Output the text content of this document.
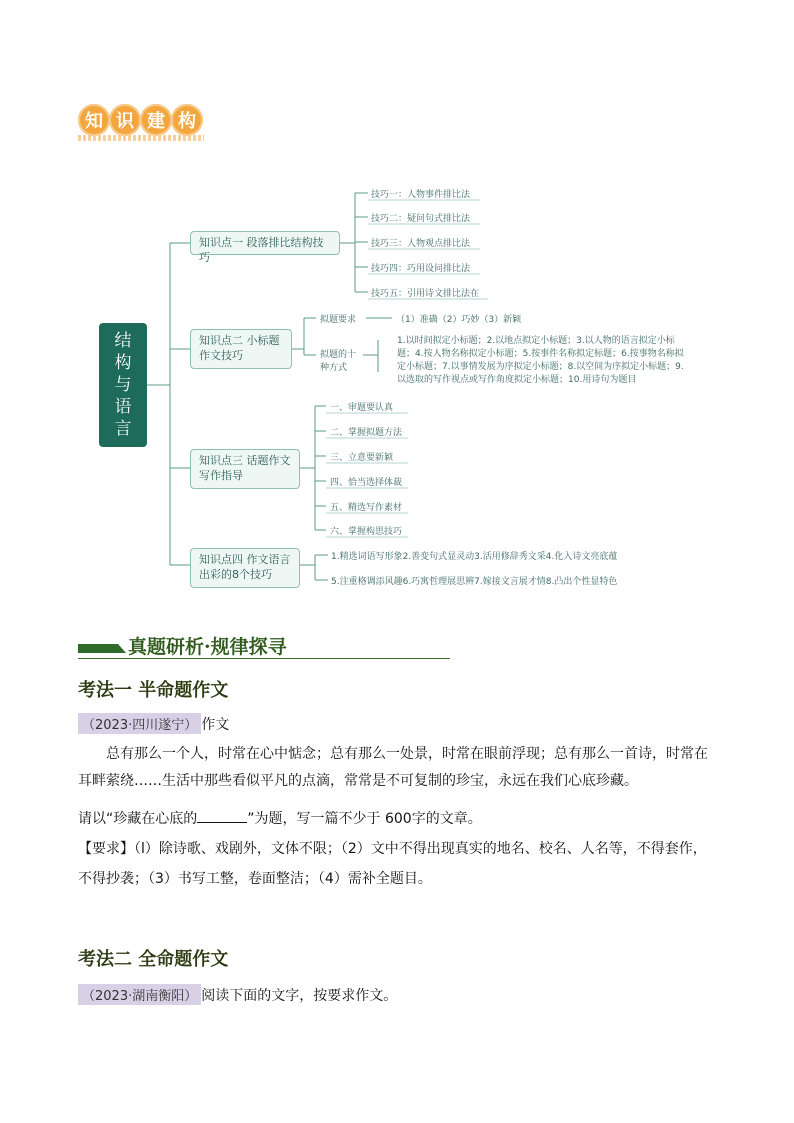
知 识 建 构
结
构
与
语
言
知识点一 段落排比结构技巧
技巧一：人物事件排比法
技巧二：疑问句式排比法
技巧三：人物观点排比法
技巧四：巧用设问排比法
技巧五：引用诗文排比法在
知识点二 小标题
作文技巧
拟题要求	（1）准确（2）巧妙（3）新颖
拟题的十
种方式
1.以时间拟定小标题；2.以地点拟定小标题；3.以人物的语言拟定小标题；4.按人物名称拟定小标题；5.按事件名称拟定标题；6.按事物名称拟定小标题；7.以事情发展为序拟定小标题；8.以空间为序拟定小标题；9.以选取的写作视点或写作角度拟定小标题；10.用诗句为题目
知识点三 话题作文
写作指导
一、审题要认真
二、掌握拟题方法
三、立意要新颖
四、恰当选择体裁
五、精选写作素材
六、掌握构思技巧
知识点四 作文语言
出彩的8个技巧
1.精选词语写形象2.善变句式显灵动3.活用修辞秀文采4.化入诗文亮底蕴
5.注重格调添风趣6.巧寓哲理展思辨7.嫁接文言展才情8.凸出个性显特色
真题研析·规律探寻
考法一 半命题作文
（2023·四川遂宁） 作文
总有那么一个人，时常在心中惦念；总有那么一处景，时常在眼前浮现；总有那么一首诗，时常在耳畔萦绕……生活中那些看似平凡的点滴，常常是不可复制的珍宝，永远在我们心底珍藏。
请以“珍藏在心底的	”为题，写一篇不少于 600字的文章。
【要求】（l）除诗歌、戏剧外，文体不限；（2）文中不得出现真实的地名、校名、人名等，不得套作，不得抄袭；（3）书写工整，卷面整洁；（4）需补全题目。
考法二 全命题作文
（2023·湖南衡阳） 阅读下面的文字，按要求作文。
